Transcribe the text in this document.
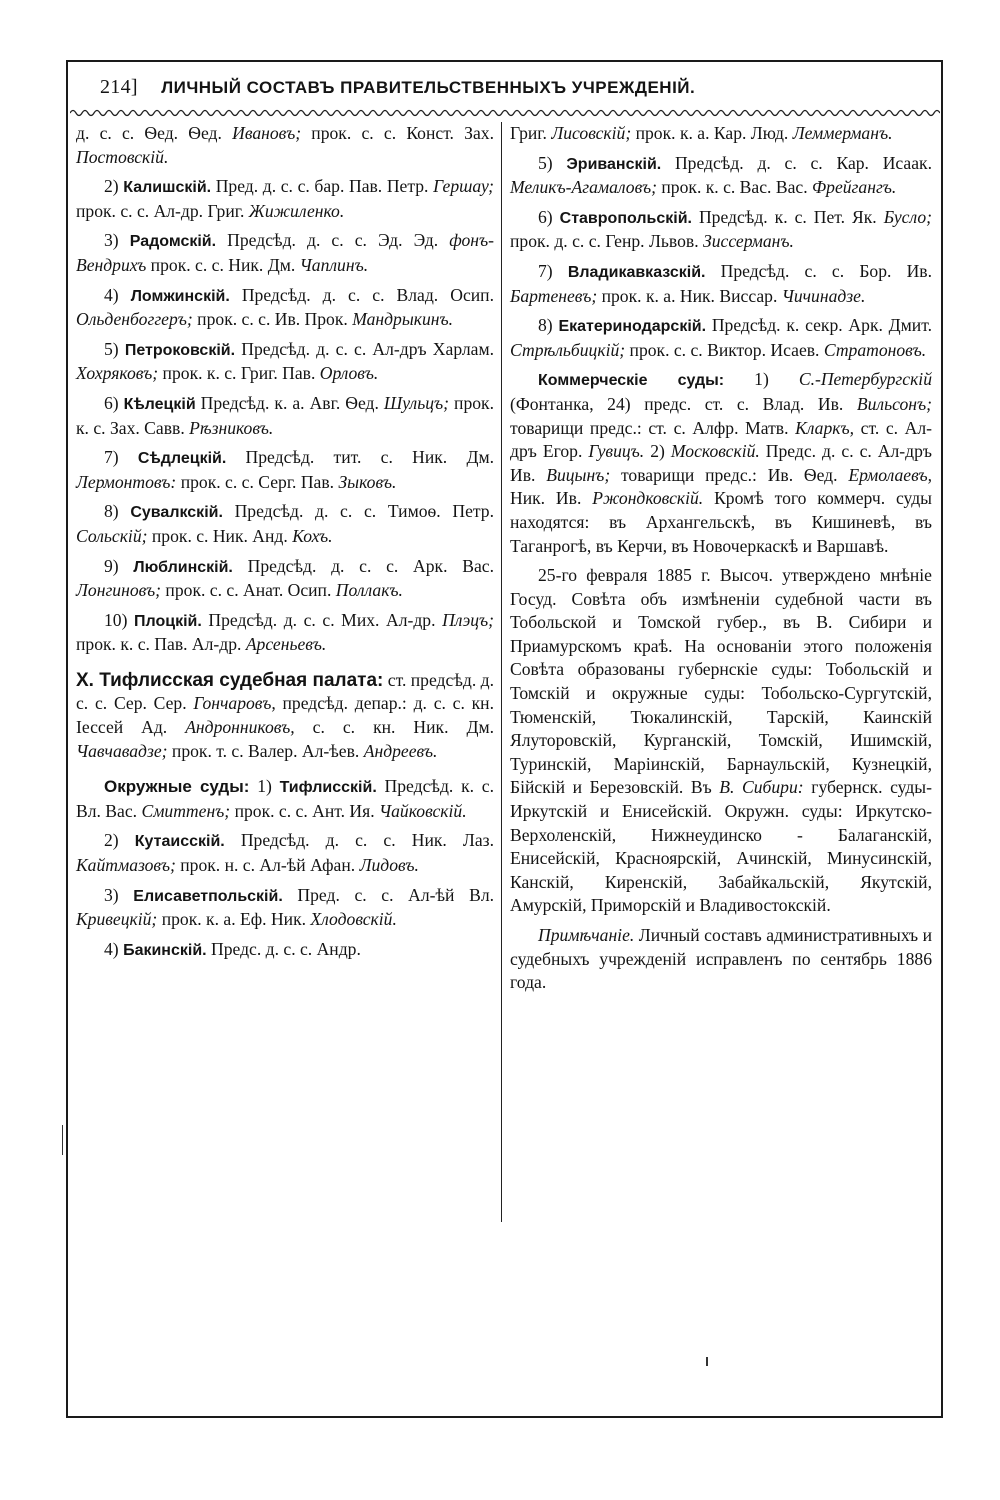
214] ЛИЧНЫЙ СОСТАВЪ ПРАВИТЕЛЬСТВЕННЫХЪ УЧРЕЖДЕНІЙ.

д. с. с. Ѳед. Ѳед. Ивановъ; прок. с. с. Конст. Зах. Постовскій.

2) Калишскій. Пред. д. с. с. бар. Пав. Петр. Гершау; прок. с. с. Ал-др. Григ. Жижиленко.

3) Радомскій. Предсѣд. д. с. с. Эд. Эд. фонъ-Вендрихъ прок. с. с. Ник. Дм. Чаплинъ.

4) Ломжинскій. Предсѣд. д. с. с. Влад. Осип. Ольденбоггеръ; прок. с. с. Ив. Прок. Мандрыкинъ.

5) Петроковскій. Предсѣд. д. с. с. Ал-дръ Харлам. Хохряковъ; прок. к. с. Григ. Пав. Орловъ.

6) Кѣлецкій Предсѣд. к. а. Авг. Ѳед. Шульцъ; прок. к. с. Зах. Савв. Рѣзниковъ.

7) Сѣдлецкій. Предсѣд. тит. с. Ник. Дм. Лермонтовъ: прок. с. с. Серг. Пав. Зыковъ.

8) Сувалкскій. Предсѣд. д. с. с. Тимоѳ. Петр. Сольскій; прок. с. Ник. Анд. Кохъ.

9) Люблинскій. Предсѣд. д. с. с. Арк. Вас. Лонгиновъ; прок. с. с. Анат. Осип. Поллакъ.

10) Плоцкій. Предсѣд. д. с. с. Мих. Ал-др. Плэцъ; прок. к. с. Пав. Ал-др. Арсеньевъ.

X. Тифлисская судебная палата: ст. предсѣд. д. с. с. Сер. Сер. Гончаровъ, предсѣд. депар.: д. с. с. кн. Іессей Ад. Андронниковъ, с. с. кн. Ник. Дм. Чавчавадзе; прок. т. с. Валер. Ал-ѣев. Андреевъ.

Окружные суды: 1) Тифлисскій. Предсѣд. к. с. Вл. Вас. Смиттенъ; прок. с. с. Ант. Ия. Чайковскій.

2) Кутаисскій. Предсѣд. д. с. с. Ник. Лаз. Кайтмазовъ; прок. н. с. Ал-ѣй Афан. Лидовъ.

3) Елисаветпольскій. Пред. с. с. Ал-ѣй Вл. Кривецкій; прок. к. а. Еф. Ник. Хлодовскій.

4) Бакинскій. Предс. д. с. с. Андр.

Григ. Лисовскій; прок. к. а. Кар. Люд. Леммерманъ.

5) Эриванскій. Предсѣд. д. с. с. Кар. Исаак. Меликъ-Агамаловъ; прок. к. с. Вас. Вас. Фрейгангъ.

6) Ставропольскій. Предсѣд. к. с. Пет. Як. Бусло; прок. д. с. с. Генр. Львов. Зиссерманъ.

7) Владикавказскій. Предсѣд. с. с. Бор. Ив. Бартеневъ; прок. к. а. Ник. Виссар. Чичинадзе.

8) Екатеринодарскій. Предсѣд. к. секр. Арк. Дмит. Стрѣльбицкій; прок. с. с. Виктор. Исаев. Стратоновъ.

Коммерческіе суды: 1) С.-Петербургскій (Фонтанка, 24) предс. ст. с. Влад. Ив. Вильсонъ; товарищи предс.: ст. с. Алфр. Матв. Кларкъ, ст. с. Ал-дръ Егор. Гувицъ. 2) Московскій. Предс. д. с. с. Ал-дръ Ив. Вицынъ; товарищи предс.: Ив. Ѳед. Ермолаевъ, Ник. Ив. Ржондковскій. Кромѣ того коммерч. суды находятся: въ Архангельскѣ, въ Кишиневѣ, въ Таганрогѣ, въ Керчи, въ Новочеркаскѣ и Варшавѣ.

25-го февраля 1885 г. Высоч. утверждено мнѣніе Госуд. Совѣта объ измѣненіи судебной части въ Тобольской и Томской губер., въ В. Сибири и Приамурскомъ краѣ. На основаніи этого положенія Совѣта образованы губернскіе суды: Тобольскій и Томскій и окружные суды: Тобольско-Сургутскій, Тюменскій, Тюкалинскій, Тарскій, Каинскій Ялуторовскій, Курганскій, Томскій, Ишимскій, Туринскій, Маріинскій, Барнаульскій, Кузнецкій, Бійскій и Березовскій. Въ В. Сибири: губернск. суды-Иркутскій и Енисейскій. Окружн. суды: Иркутско-Верхоленскій, Нижнеудинско - Балаганскій, Енисейскій, Красноярскій, Ачинскій, Минусинскій, Канскій, Киренскій, Забайкальскій, Якутскій, Амурскій, Приморскій и Владивостокскій.

Примѣчаніе. Личный составъ административныхъ и судебныхъ учрежденій исправленъ по сентябрь 1886 года.
